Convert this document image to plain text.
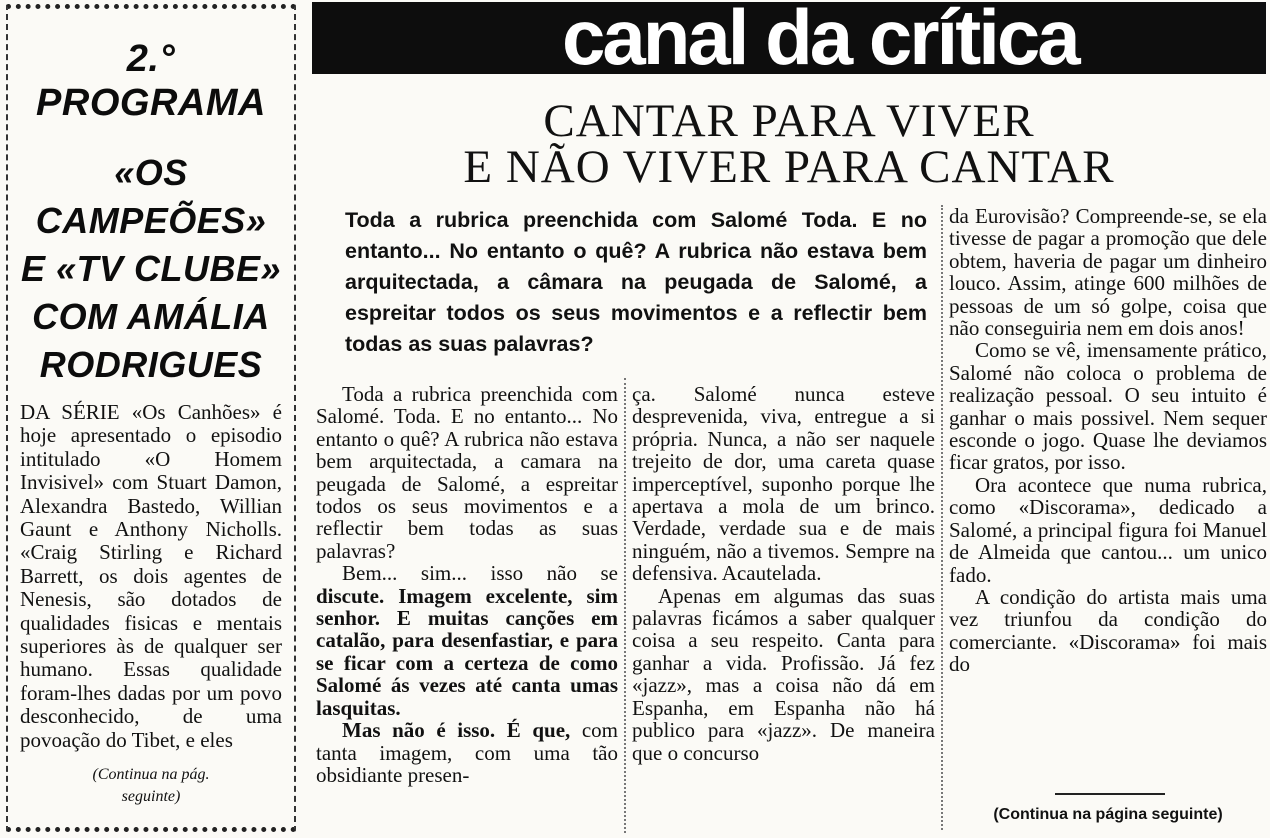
2.° PROGRAMA
«OS CAMPEÕES»
E «TV CLUBE»
COM AMÁLIA
RODRIGUES

DA SÉRIE «Os Canhões» é hoje apresentado o episodio intitulado «O Homem Invisivel» com Stuart Damon, Alexandra Bastedo, Willian Gaunt e Anthony Nicholls. «Craig Stirling e Richard Barrett, os dois agentes de Nenesis, são dotados de qualidades fisicas e mentais superiores às de qualquer ser humano. Essas qualidade foram-lhes dadas por um povo desconhecido, de uma povoação do Tibet, e eles

(Continua na pág.
seguinte)
canal da crítica
CANTAR PARA VIVER
E NÃO VIVER PARA CANTAR

Toda a rubrica preenchida com Salomé Toda. E no entanto... No entanto o quê? A rubrica não estava bem arquitectada, a câmara na peugada de Salomé, a espreitar todos os seus movimentos e a reflectir bem todas as suas palavras?

Toda a rubrica preenchida com Salomé. Toda. E no entanto... No entanto o quê? A rubrica não estava bem arquitectada, a camara na peugada de Salomé, a espreitar todos os seus movimentos e a reflectir bem todas as suas palavras?

Bem... sim... isso não se discute. Imagem excelente, sim senhor. E muitas canções em catalão, para desenfastiar, e para se ficar com a certeza de como Salomé ás vezes até canta umas lasquitas.

Mas não é isso. É que, com tanta imagem, com uma tão obsidiante presen-

ça. Salomé nunca esteve desprevenida, viva, entregue a si própria. Nunca, a não ser naquele trejeito de dor, uma careta quase imperceptível, suponho porque lhe apertava a mola de um brinco. Verdade, verdade sua e de mais ninguém, não a tivemos. Sempre na defensiva. Acautelada.

Apenas em algumas das suas palavras ficámos a saber qualquer coisa a seu respeito. Canta para ganhar a vida. Profissão. Já fez «jazz», mas a coisa não dá em Espanha, em Espanha não há publico para «jazz». De maneira que o concurso

da Eurovisão? Compreende-se, se ela tivesse de pagar a promoção que dele obtem, haveria de pagar um dinheiro louco. Assim, atinge 600 milhões de pessoas de um só golpe, coisa que não conseguiria nem em dois anos!

Como se vê, imensamente prático, Salomé não coloca o problema de realização pessoal. O seu intuito é ganhar o mais possivel. Nem sequer esconde o jogo. Quase lhe deviamos ficar gratos, por isso.

Ora acontece que numa rubrica, como «Discorama», dedicado a Salomé, a principal figura foi Manuel de Almeida que cantou... um unico fado.

A condição do artista mais uma vez triunfou da condição do comerciante. «Discorama» foi mais do

(Continua na página seguinte)
